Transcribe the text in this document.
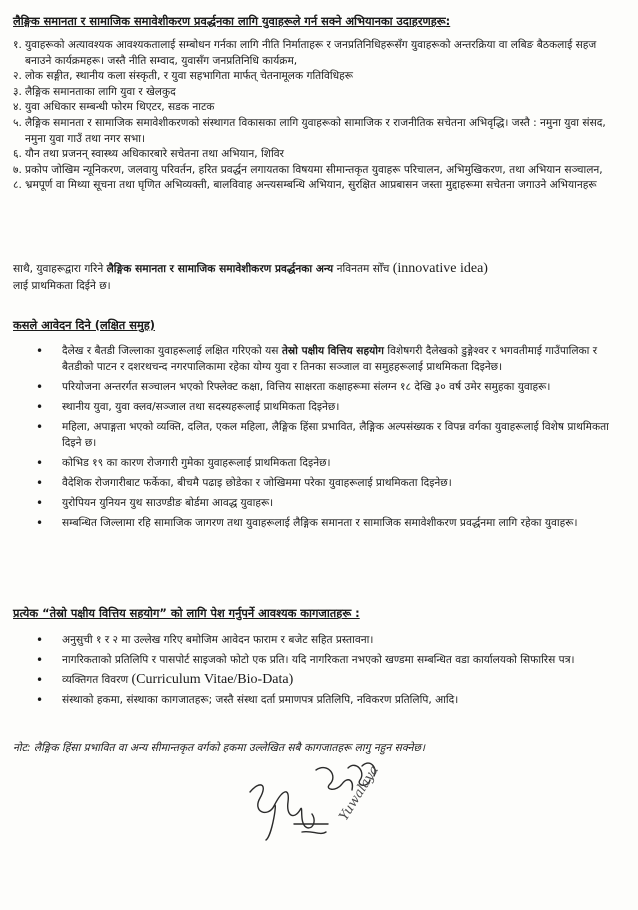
लैङ्गिक समानता र सामाजिक समावेशीकरण प्रवर्द्धनका लागि युवाहरूले गर्न सक्ने अभियानका उदाहरणहरू:
१. युवाहरूको अत्यावश्यक आवश्यकतालाई सम्बोधन गर्नका लागि नीति निर्माताहरू र जनप्रतिनिधिहरूसँग युवाहरूको अन्तरक्रिया वा लबिङ बैठकलाई सहज बनाउने कार्यक्रमहरू। जस्तै नीति सम्वाद, युवासँग जनप्रतिनिधि कार्यक्रम,
२. लोक सङ्गीत, स्थानीय कला संस्कृती, र युवा सहभागिता मार्फत् चेतनामूलक गतिविधिहरू
३. लैङ्गिक समानताका लागि युवा र खेलकुद
४. युवा अधिकार सम्बन्धी फोरम थिएटर, सडक नाटक
५. लैङ्गिक समानता र सामाजिक समावेशीकरणको संस्थागत विकासका लागि युवाहरूको सामाजिक र राजनीतिक सचेतना अभिवृद्धि। जस्तै : नमुना युवा संसद, नमुना युवा गाउँ तथा नगर सभा।
६. यौन तथा प्रजनन् स्वास्थ्य अधिकारबारे सचेतना तथा अभियान, शिविर
७. प्रकोप जोखिम न्यूनिकरण, जलवायु परिवर्तन, हरित प्रवर्द्धन लगायतका विषयमा सीमान्तकृत युवाहरू परिचालन, अभिमुखिकरण, तथा अभियान सञ्चालन,
८. भ्रमपूर्ण वा मिथ्या सूचना तथा घृणित अभिव्यक्ती, बालविवाह अन्त्यसम्बन्धि अभियान, सुरक्षित आप्रबासन जस्ता मुद्दाहरूमा सचेतना जगाउने अभियानहरू
साथै, युवाहरूद्वारा गरिने लैङ्गिक समानता र सामाजिक समावेशीकरण प्रवर्द्धनका अन्य नविनतम सोँच (innovative idea)
लाई प्राथमिकता दिईने छ।
कसले आवेदन दिने (लक्षित समुह)
•	दैलेख र बैतडी जिल्लाका युवाहरूलाई लक्षित गरिएको यस तेस्रो पक्षीय वित्तिय सहयोग विशेषगरी दैलेखको डुङ्गेश्वर र भगवतीमाई गाउँपालिका र बैतडीको पाटन र दशरथचन्द नगरपालिकामा रहेका योग्य युवा र तिनका सञ्जाल वा समुहहरूलाई प्राथमिकता दिइनेछ।
•	परियोजना अन्तरर्गत सञ्चालन भएको रिफ्लेक्ट कक्षा, वित्तिय साक्षरता कक्षाहरूमा संलग्न १८ देखि ३० वर्ष उमेर समुहका युवाहरू।
•	स्थानीय युवा, युवा क्लव/सञ्जाल तथा सदस्यहरूलाई प्राथमिकता दिइनेछ।
•	महिला, अपाङ्गता भएको व्यक्ति, दलित, एकल महिला, लैङ्गिक हिंसा प्रभावित, लैङ्गिक अल्पसंख्यक र विपन्न वर्गका युवाहरूलाई विशेष प्राथमिकता दिइने छ।
•	कोभिड १९ का कारण रोजगारी गुमेका युवाहरूलाई प्राथमिकता दिइनेछ।
•	वैदेशिक रोजगारीबाट फर्केका, बीचमै पढाइ छोडेका र जोखिममा परेका युवाहरूलाई प्राथमिकता दिइनेछ।
•	युरोपियन युनियन युथ साउण्डीङ बोर्डमा आवद्ध युवाहरू।
•	सम्बन्धित जिल्लामा रहि सामाजिक जागरण तथा युवाहरूलाई लैङ्गिक समानता र सामाजिक समावेशीकरण प्रवर्द्धनमा लागि रहेका युवाहरू।
प्रत्येक “तेस्रो पक्षीय वित्तिय सहयोग” को लागि पेश गर्नुपर्ने आवश्यक कागजातहरू :
•	अनुसुची १ र २ मा उल्लेख गरिए बमोजिम आवेदन फाराम र बजेट सहित प्रस्तावना।
•	नागरिकताको प्रतिलिपि र पासपोर्ट साइजको फोटो एक प्रति। यदि नागरिकता नभएको खण्डमा सम्बन्धित वडा कार्यालयको सिफारिस पत्र।
•	व्यक्तिगत विवरण (Curriculum Vitae/Bio-Data)
•	संस्थाको हकमा, संस्थाका कागजातहरू; जस्तै संस्था दर्ता प्रमाणपत्र प्रतिलिपि, नविकरण प्रतिलिपि, आदि।
नोट: लैङ्गिक हिंसा प्रभावित वा अन्य सीमान्तकृत वर्गको हकमा उल्लेखित सबै कागजातहरू लागु नहुन सक्नेछ।
Yuwalaya
